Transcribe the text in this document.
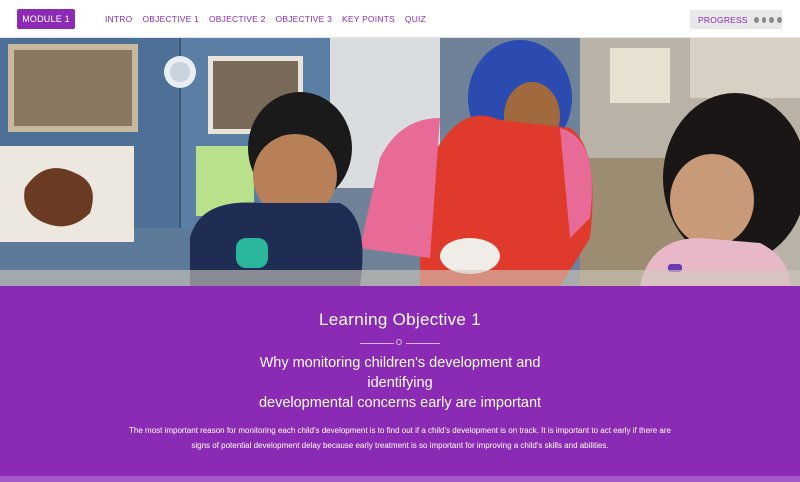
MODULE 1	INTRO OBJECTIVE 1 OBJECTIVE 2 OBJECTIVE 3 KEY POINTS QUIZ	PROGRESS
Learning Objective 1
Why monitoring children's development and
identifying
developmental concerns early are important
The most important reason for monitoring each child's development is to find out if a child's development is on track. It is important to act early if there are
signs of potential development delay because early treatment is so important for improving a child's skills and abilities.
